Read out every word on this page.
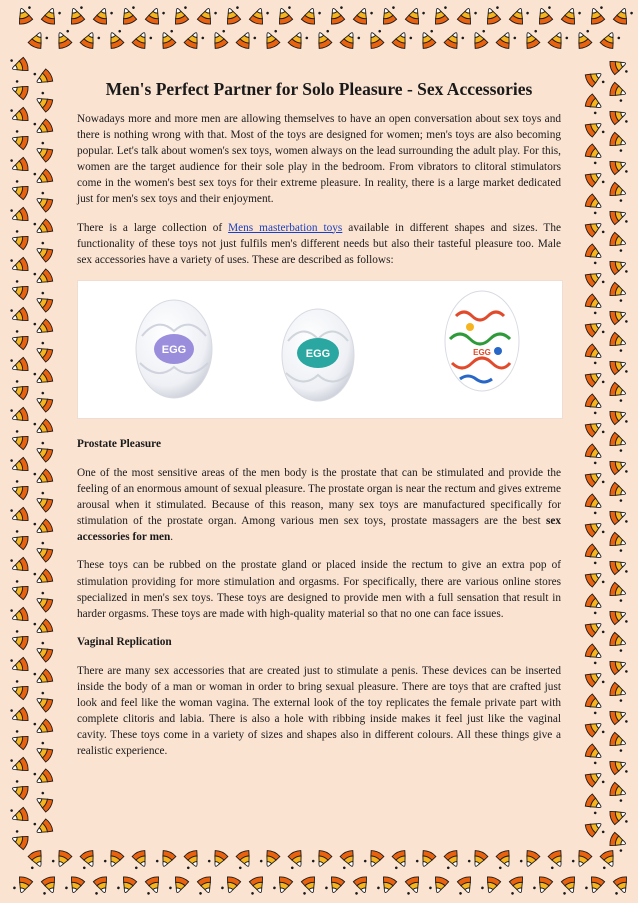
Men's Perfect Partner for Solo Pleasure - Sex Accessories

Nowadays more and more men are allowing themselves to have an open conversation about sex toys and there is nothing wrong with that. Most of the toys are designed for women; men's toys are also becoming popular. Let's talk about women's sex toys, women always on the lead surrounding the adult play. For this, women are the target audience for their sole play in the bedroom. From vibrators to clitoral stimulators come in the women's best sex toys for their extreme pleasure. In reality, there is a large market dedicated just for men's sex toys and their enjoyment.

There is a large collection of Mens masterbation toys available in different shapes and sizes. The functionality of these toys not just fulfils men's different needs but also their tasteful pleasure too. Male sex accessories have a variety of uses. These are described as follows:

EGG	EGG	EGG

Prostate Pleasure

One of the most sensitive areas of the men body is the prostate that can be stimulated and provide the feeling of an enormous amount of sexual pleasure. The prostate organ is near the rectum and gives extreme arousal when it stimulated. Because of this reason, many sex toys are manufactured specifically for stimulation of the prostate organ. Among various men sex toys, prostate massagers are the best sex accessories for men.

These toys can be rubbed on the prostate gland or placed inside the rectum to give an extra pop of stimulation providing for more stimulation and orgasms. For specifically, there are various online stores specialized in men's sex toys. These toys are designed to provide men with a full sensation that result in harder orgasms. These toys are made with high-quality material so that no one can face issues.

Vaginal Replication

There are many sex accessories that are created just to stimulate a penis. These devices can be inserted inside the body of a man or woman in order to bring sexual pleasure. There are toys that are crafted just look and feel like the woman vagina. The external look of the toy replicates the female private part with complete clitoris and labia. There is also a hole with ribbing inside makes it feel just like the vaginal cavity. These toys come in a variety of sizes and shapes also in different colours. All these things give a realistic experience.
